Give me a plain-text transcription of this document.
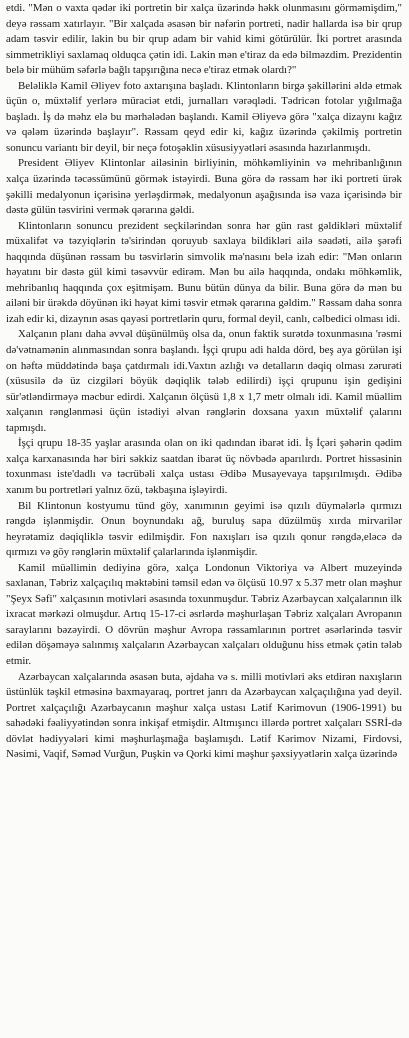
etdi. "Mən o vaxta qədər iki portretin bir xalça üzərində həkk olunmasını görməmişdim," deyə rəssam xatırlayır. "Bir xalçada əsasən bir nəfərin portreti, nadir hallarda isə bir qrup adam təsvir edilir, lakin bu bir qrup adam bir vahid kimi götürülür. İki portret arasında simmetrikliyi saxlamaq olduqca çətin idi. Lakin mən e'tiraz da edə bilməzdim. Prezidentin belə bir mühüm səfərlə bağlı tapşırığına necə e'tiraz etmək olardı?"

Beləliklə Kamil Əliyev foto axtarışına başladı. Klintonların birgə şəkillərini əldə etmək üçün o, müxtəlif yerlərə müraciət etdi, jurnalları vərəqlədi. Tədricən fotolar yığılmağa başladı. İş də məhz elə bu mərhələdən başlandı. Kamil Əliyevə görə "xalça dizaynı kağız və qələm üzərində başlayır". Rəssam qeyd edir ki, kağız üzərində çəkilmiş portretin sonuncu variantı bir deyil, bir neçə fotoşəklin xüsusiyyətləri əsasında hazırlanmışdı.

President Əliyev Klintonlar ailəsinin birliyinin, möhkəmliyinin və mehribanlığının xalça üzərində təcəssümünü görmək istəyirdi. Buna görə də rəssam hər iki portreti ürək şəkilli medalyonun içərisinə yerləşdirmək, medalyonun aşağısında isə vaza içərisində bir dəstə gülün təsvirini vermək qərarına gəldi.

Klintonların sonuncu prezident seçkilərindən sonra hər gün rast gəldikləri müxtəlif müxalifət və təzyiqlərin tə'sirindən qoruyub saxlaya bildikləri ailə səadəti, ailə şərəfi haqqında düşünən rəssam bu təsvirlərin simvolik mə'nasını belə izah edir: "Mən onların həyatını bir dəstə gül kimi təsəvvür edirəm. Mən bu ailə haqqında, ondakı möhkəmlik, mehribanlıq haqqında çox eşitmişəm. Bunu bütün dünya da bilir. Buna görə də mən bu ailəni bir ürəkdə döyünən iki həyat kimi təsvir etmək qərarına gəldim." Rəssam daha sonra izah edir ki, dizaynın əsas qayəsi portretlərin quru, formal deyil, canlı, cəlbedici olması idi.

Xalçanın planı daha əvvəl düşünülmüş olsa da, onun faktik surətdə toxunmasına 'rəsmi də'vətnamənin alınmasından sonra başlandı. İşçi qrupu adi halda dörd, beş aya görülən işi on həftə müddətində başa çatdırmalı idi.Vaxtın azlığı və detalların dəqiq olması zərurəti (xüsusilə də üz cizgiləri böyük dəqiqlik tələb edilirdi) işçi qrupunu işin gedişini sür'ətləndirməyə məcbur edirdi. Xalçanın ölçüsü 1,8 x 1,7 metr olmalı idi. Kamil müəllim xalçanın rənglənməsi üçün istədiyi əlvan rənglərin doxsana yaxın müxtəlif çalarını tapmışdı.

İşçi qrupu 18-35 yaşlar arasında olan on iki qadından ibarət idi. İş İçəri şəhərin qədim xalça karxanasında hər biri səkkiz saatdan ibarət üç növbədə aparılırdı. Portret hissəsinin toxunması iste'dadlı və təcrübəli xalça ustası Ədibə Musayevaya tapşırılmışdı. Ədibə xanım bu portretləri yalnız özü, təkbaşına işləyirdi.

Bil Klintonun kostyumu tünd göy, xanımının geyimi isə qızılı düymələrlə qırmızı rəngdə işlənmişdir. Onun boynundakı ağ, buruluş sapa düzülmüş xırda mirvarilər heyrətamiz dəqiqliklə təsvir edilmişdir. Fon naxışları isə qızılı qonur rəngdə,eləcə də qırmızı və göy rənglərin müxtəlif çalarlarında işlənmişdir.

Kamil müəllimin dediyinə görə, xalça Londonun Viktoriya və Albert muzeyində saxlanan, Təbriz xalçaçılıq məktəbini təmsil edən və ölçüsü 10.97 x 5.37 metr olan məşhur "Şeyx Səfi" xalçasının motivləri əsasında toxunmuşdur. Təbriz Azərbaycan xalçalarının ilk ixracat mərkəzi olmuşdur. Artıq 15-17-ci əsrlərdə məşhurlaşan Təbriz xalçaları Avropanın saraylarını bəzəyirdi. O dövrün məşhur Avropa rəssamlarının portret əsərlərində təsvir edilən döşəməyə salınmış xalçaların Azərbaycan xalçaları olduğunu hiss etmək çətin tələb etmir.

Azərbaycan xalçalarında əsasən buta, əjdaha və s. milli motivləri əks etdirən naxışların üstünlük təşkil etməsinə baxmayaraq, portret janrı da Azərbaycan xalçaçılığına yad deyil. Portret xalçaçılığı Azərbaycanın məşhur xalça ustası Lətif Kərimovun (1906-1991) bu sahədəki fəaliyyətindən sonra inkişaf etmişdir. Altmışıncı illərdə portret xalçaları SSRİ-də dövlət hədiyyələri kimi məşhurlaşmağa başlamışdı. Lətif Kərimov Nizami, Firdovsi, Nəsimi, Vaqif, Səməd Vurğun, Puşkin və Qorki kimi məşhur şəxsiyyətlərin xalça üzərində
